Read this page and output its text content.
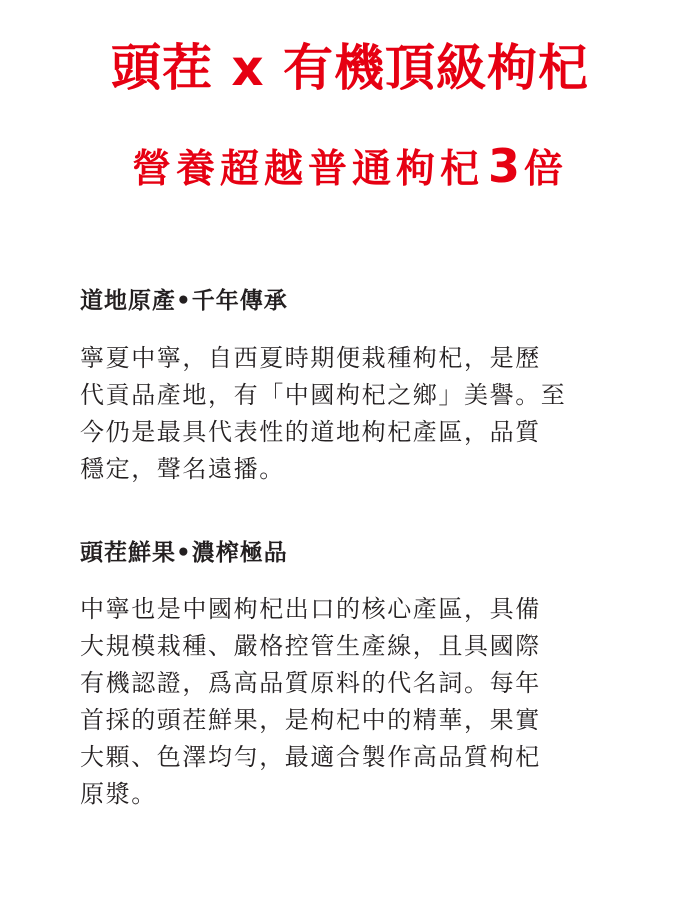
頭茬 x 有機頂級枸杞
營養超越普通枸杞3 倍
道地原產•千年傳承
寧夏中寧，自西夏時期便栽種枸杞，是歷
代貢品產地，有「中國枸杞之鄉」美譽。至
今仍是最具代表性的道地枸杞產區，品質
穩定，聲名遠播。
頭茬鮮果•濃榨極品
中寧也是中國枸杞出口的核心產區，具備
大規模栽種、嚴格控管生產線，且具國際
有機認證，爲高品質原料的代名詞。每年
首採的頭茬鮮果，是枸杞中的精華，果實
大顆、色澤均勻，最適合製作高品質枸杞
原漿。
